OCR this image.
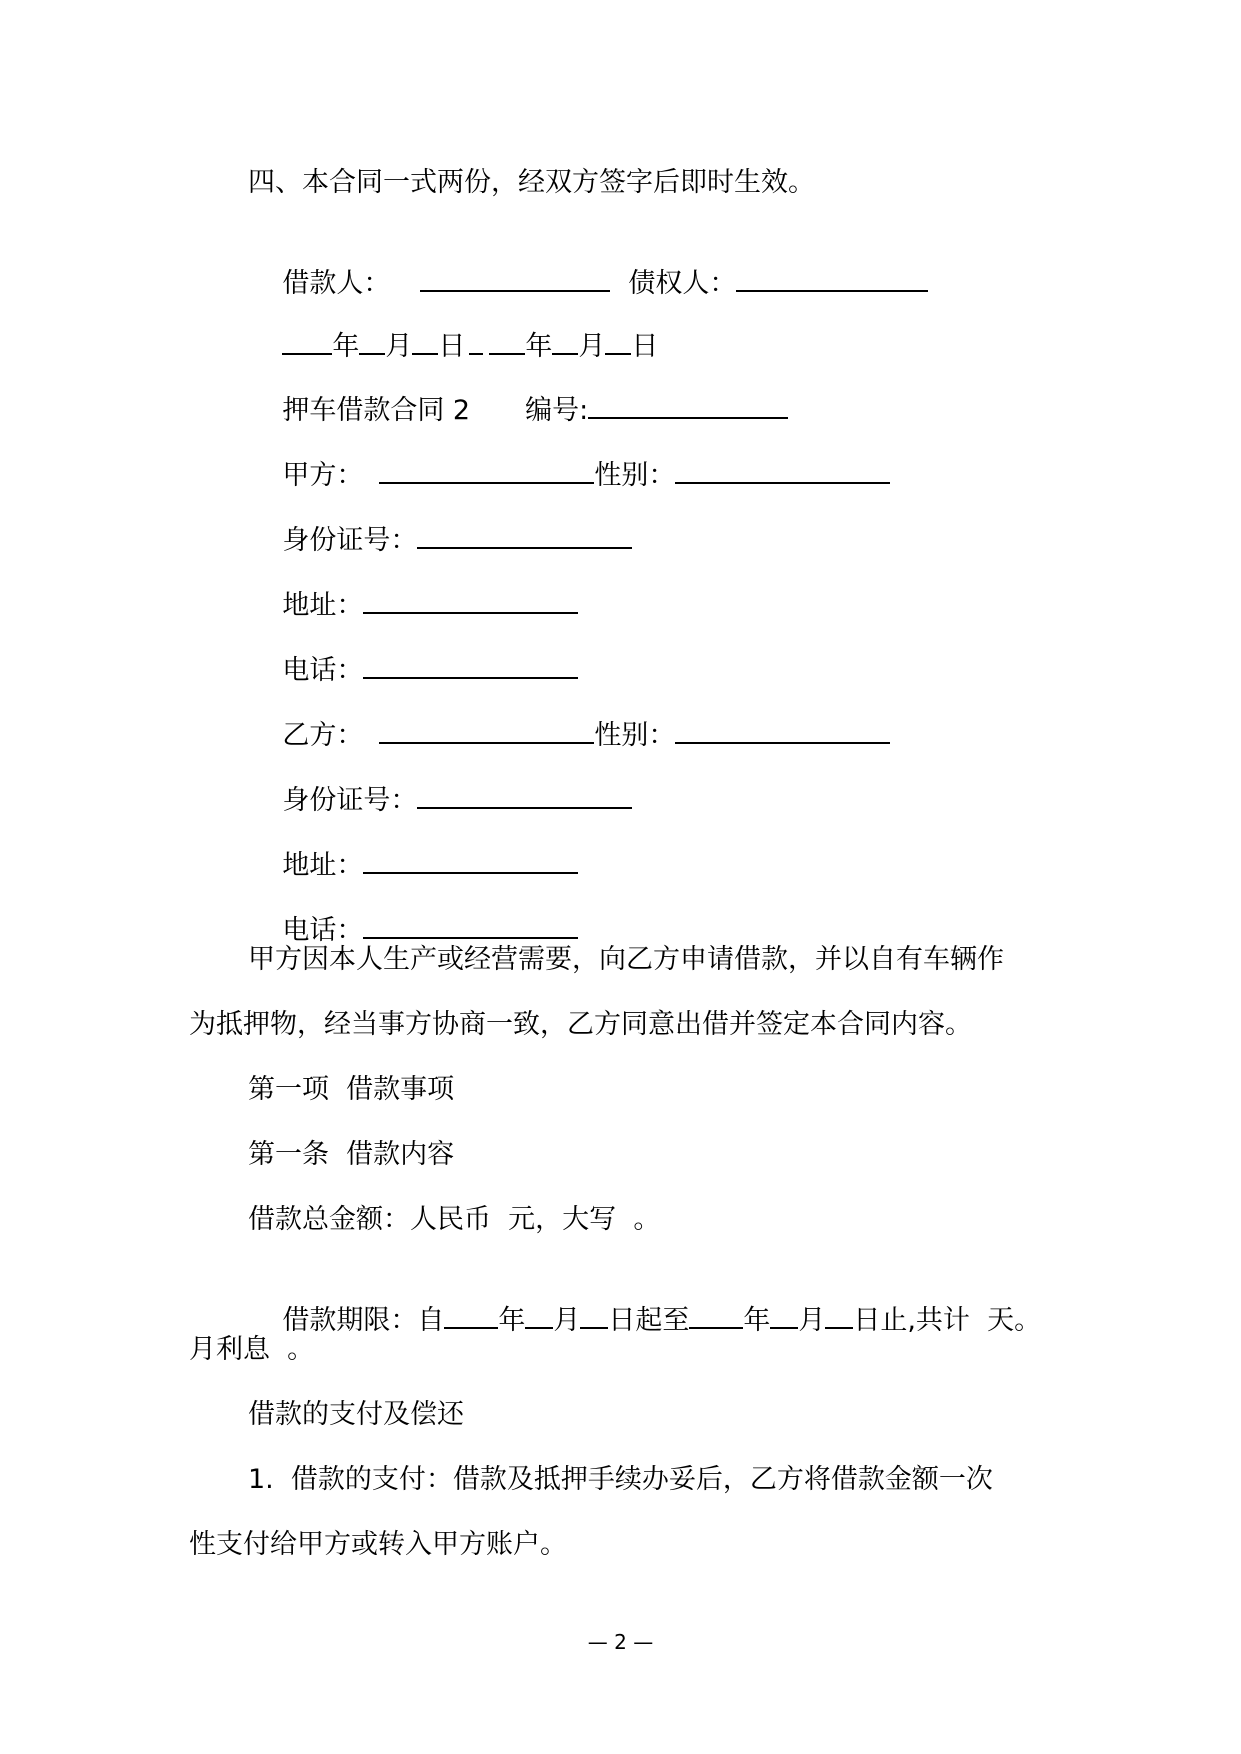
四、本合同一式两份，经双方签字后即时生效。

借款人：	债权人：

年 月 日 年 月 日

押车借款合同 2 编号:

甲方：	性别：

身份证号：

地址：

电话：

乙方：	性别：

身份证号：

地址：

电话：

甲方因本人生产或经营需要，向乙方申请借款，并以自有车辆作
为抵押物，经当事方协商一致，乙方同意出借并签定本合同内容。
第一项  借款事项
第一条  借款内容
借款总金额：人民币  元，大写  。

借款期限：自 年 月 日起至 年 月 日止,共计  天。

月利息  。
借款的支付及偿还
1.  借款的支付：借款及抵押手续办妥后，乙方将借款金额一次
性支付给甲方或转入甲方账户。
— 2 —
